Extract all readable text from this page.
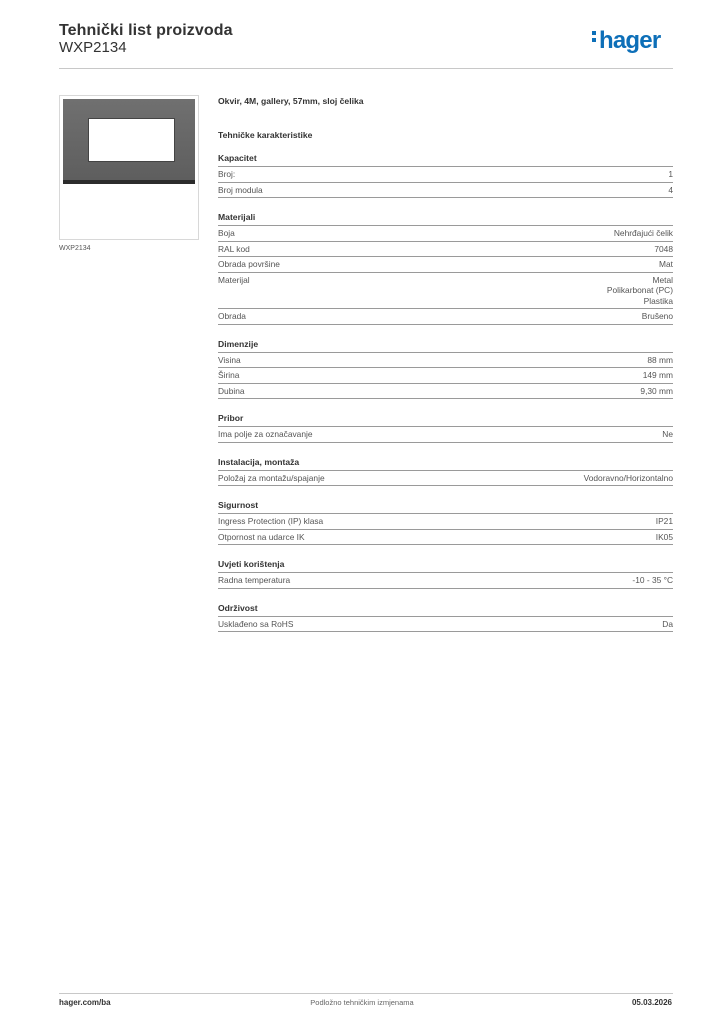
Tehnički list proizvoda
WXP2134	hager
WXP2134
Okvir, 4M, gallery, 57mm, sloj čelika
Tehničke karakteristike
Kapacitet
Broj:	1
Broj modula	4
Materijali
Boja	Nehrđajući čelik
RAL kod	7048
Obrada površine	Mat
Materijal	Metal
Polikarbonat (PC)
Plastika
Obrada	Brušeno
Dimenzije
Visina	88 mm
Širina	149 mm
Dubina	9,30 mm
Pribor
Ima polje za označavanje	Ne
Instalacija, montaža
Položaj za montažu/spajanje	Vodoravno/Horizontalno
Sigurnost
Ingress Protection (IP) klasa	IP21
Otpornost na udarce IK	IK05
Uvjeti korištenja
Radna temperatura	-10 - 35 °C
Održivost
Usklađeno sa RoHS	Da
hager.com/ba	Podložno tehničkim izmjenama	05.03.2026
